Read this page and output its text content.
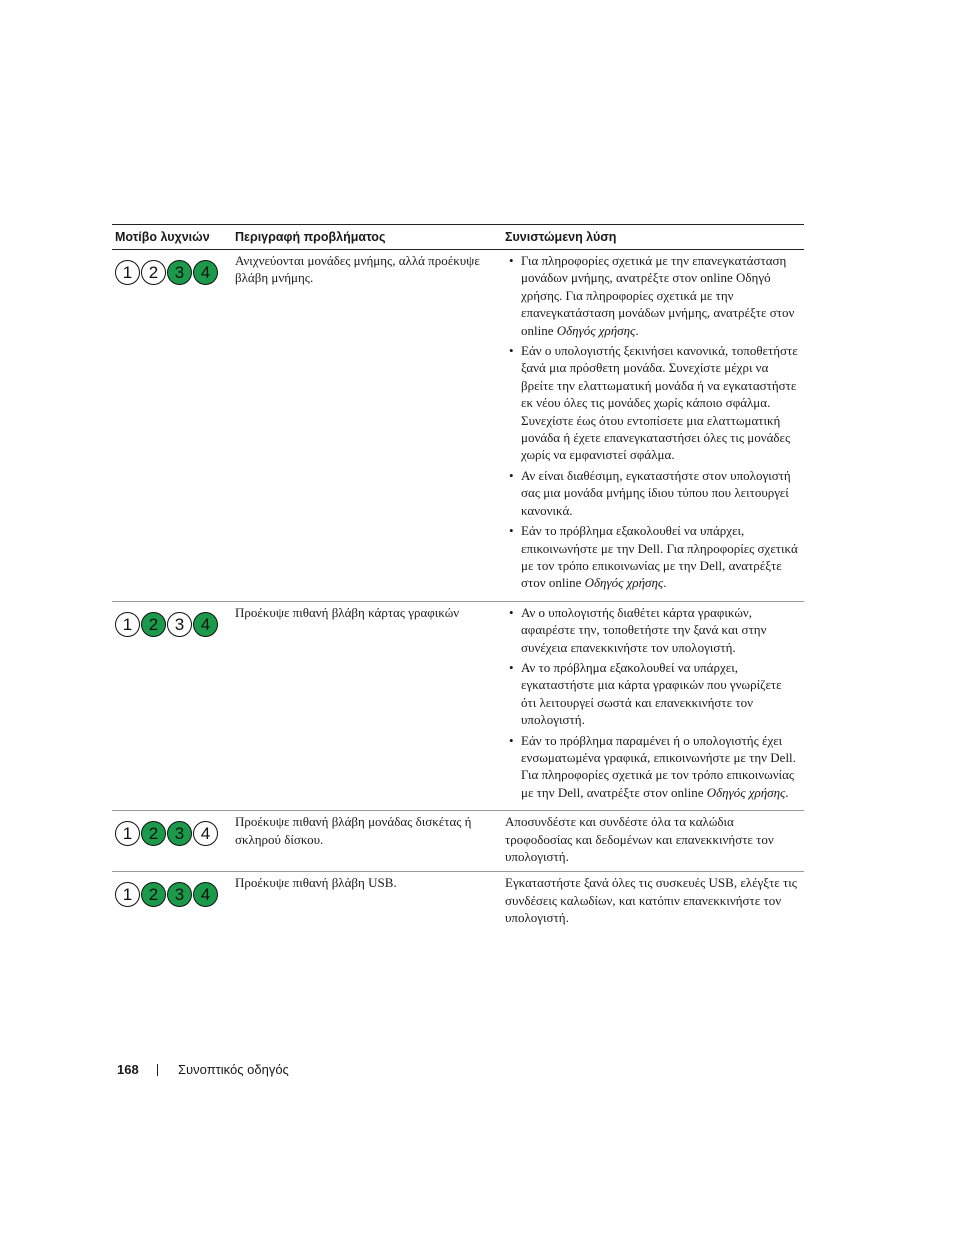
Μοτίβο λυχνιών	Περιγραφή προβλήματος	Συνιστώμενη λύση
1 2 3 4
Ανιχνεύονται μονάδες μνήμης, αλλά προέκυψε βλάβη μνήμης.
• Για πληροφορίες σχετικά με την επανεγκατάσταση μονάδων μνήμης, ανατρέξτε στον online Οδηγό χρήσης. Για πληροφορίες σχετικά με την επανεγκατάσταση μονάδων μνήμης, ανατρέξτε στον online Οδηγός χρήσης.
• Εάν ο υπολογιστής ξεκινήσει κανονικά, τοποθετήστε ξανά μια πρόσθετη μονάδα. Συνεχίστε μέχρι να βρείτε την ελαττωματική μονάδα ή να εγκαταστήστε εκ νέου όλες τις μονάδες χωρίς κάποιο σφάλμα. Συνεχίστε έως ότου εντοπίσετε μια ελαττωματική μονάδα ή έχετε επανεγκαταστήσει όλες τις μονάδες χωρίς να εμφανιστεί σφάλμα.
• Αν είναι διαθέσιμη, εγκαταστήστε στον υπολογιστή σας μια μονάδα μνήμης ίδιου τύπου που λειτουργεί κανονικά.
• Εάν το πρόβλημα εξακολουθεί να υπάρχει, επικοινωνήστε με την Dell. Για πληροφορίες σχετικά με τον τρόπο επικοινωνίας με την Dell, ανατρέξτε στον online Οδηγός χρήσης.
1 2 3 4
Προέκυψε πιθανή βλάβη κάρτας γραφικών
•	Αν ο υπολογιστής διαθέτει κάρτα γραφικών, αφαιρέστε την, τοποθετήστε την ξανά και στην συνέχεια επανεκκινήστε τον υπολογιστή.
• Αν το πρόβλημα εξακολουθεί να υπάρχει, εγκαταστήστε μια κάρτα γραφικών που γνωρίζετε ότι λειτουργεί σωστά και επανεκκινήστε τον υπολογιστή.
• Εάν το πρόβλημα παραμένει ή ο υπολογιστής έχει ενσωματωμένα γραφικά, επικοινωνήστε με την Dell. Για πληροφορίες σχετικά με τον τρόπο επικοινωνίας με την Dell, ανατρέξτε στον online Οδηγός χρήσης.
1 2 3 4
Προέκυψε πιθανή βλάβη μονάδας δισκέτας ή σκληρού δίσκου.
Αποσυνδέστε και συνδέστε όλα τα καλώδια τροφοδοσίας και δεδομένων και επανεκκινήστε τον υπολογιστή.
1 2 3 4
Προέκυψε πιθανή βλάβη USB.	Εγκαταστήστε ξανά όλες τις συσκευές USB, ελέγξτε τις συνδέσεις καλωδίων, και κατόπιν επανεκκινήστε τον υπολογιστή.
168	Συνοπτικός οδηγός
